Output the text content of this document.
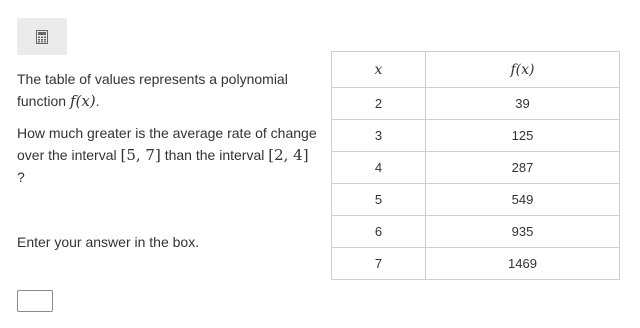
The table of values represents a polynomial function f(x).

How much greater is the average rate of change over the interval [5, 7] than the interval [2, 4] ?

Enter your answer in the box.
x	f(x)
2	39
3	125
4	287
5	549
6	935
7	1469
